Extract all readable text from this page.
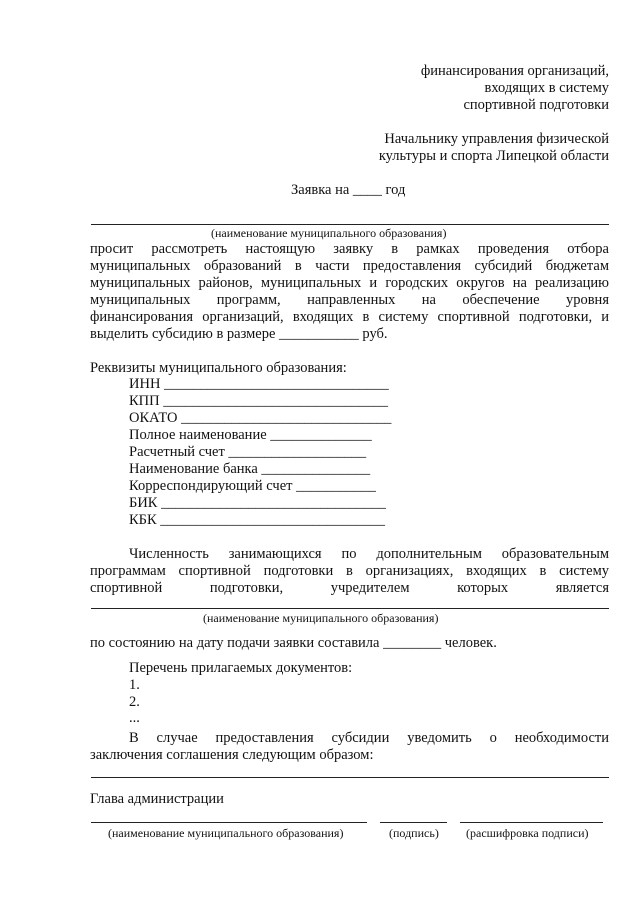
финансирования организаций,
входящих в систему
спортивной подготовки
Начальнику управления физической
культуры и спорта Липецкой области
Заявка на ____ год
(наименование муниципального образования)
просит рассмотреть настоящую заявку в рамках проведения отбора
муниципальных образований в части предоставления субсидий бюджетам
муниципальных районов, муниципальных и городских округов на реализацию
муниципальных программ, направленных на обеспечение уровня
финансирования организаций, входящих в систему спортивной подготовки, и
выделить субсидию в размере ___________ руб.
Реквизиты муниципального образования:
ИНН _______________________________
КПП _______________________________
ОКАТО _____________________________
Полное наименование ______________
Расчетный счет ___________________
Наименование банка _______________
Корреспондирующий счет ___________
БИК _______________________________
КБК _______________________________
Численность занимающихся по дополнительным образовательным
программам спортивной подготовки в организациях, входящих в систему
спортивной подготовки, учредителем которых является
(наименование муниципального образования)
по состоянию на дату подачи заявки составила ________ человек.
Перечень прилагаемых документов:
1.
2.
...
В случае предоставления субсидии уведомить о необходимости
заключения соглашения следующим образом:
Глава администрации
(наименование муниципального образования)	(подпись) (расшифровка подписи)
